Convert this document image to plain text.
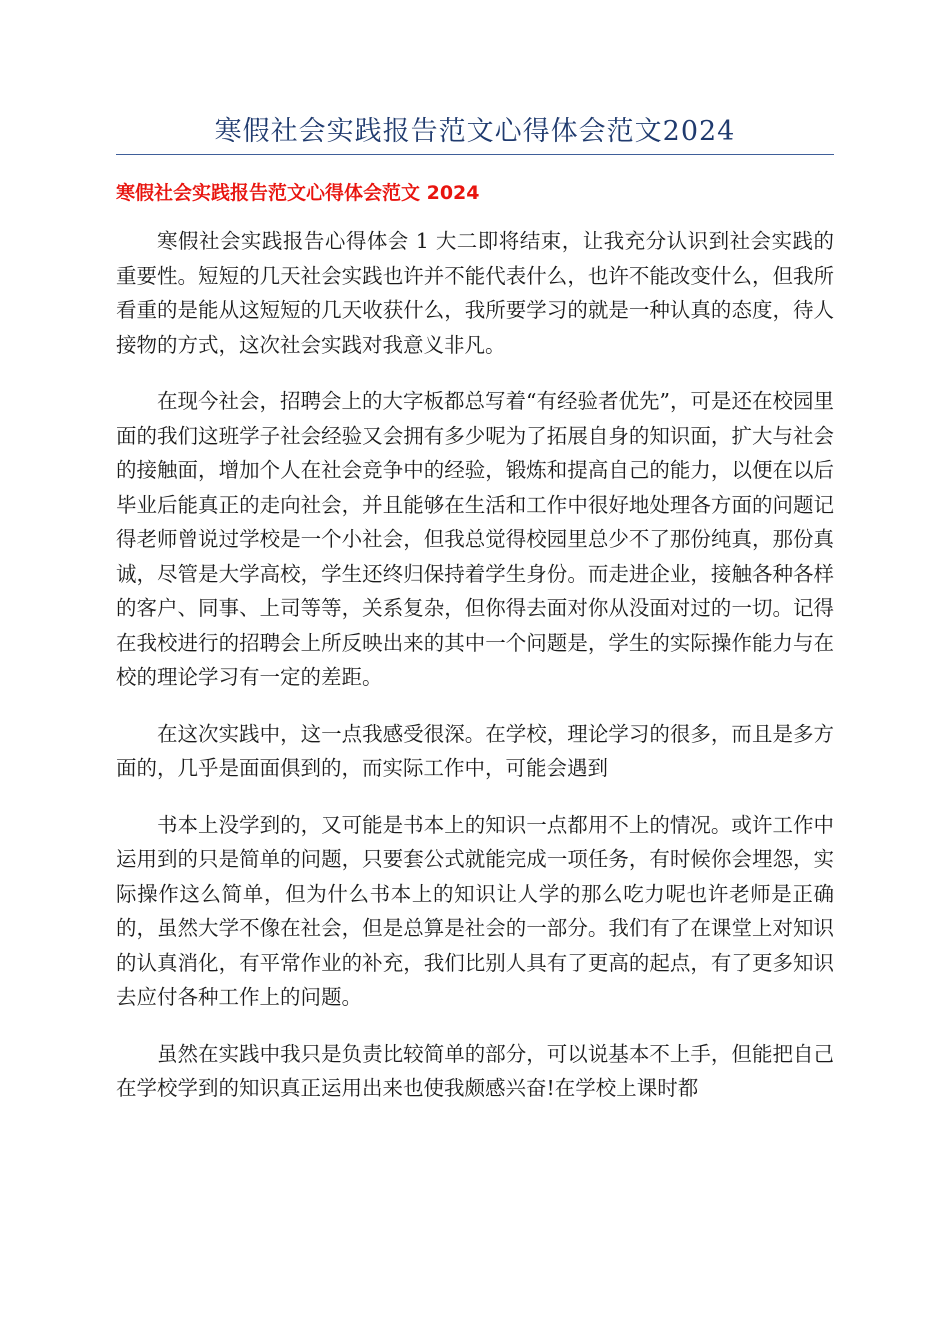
寒假社会实践报告范文心得体会范文2024
寒假社会实践报告范文心得体会范文 2024

寒假社会实践报告心得体会 1 大二即将结束，让我充分认识到社会实践的重要性。短短的几天社会实践也许并不能代表什么，也许不能改变什么，但我所看重的是能从这短短的几天收获什么，我所要学习的就是一种认真的态度，待人接物的方式，这次社会实践对我意义非凡。

在现今社会，招聘会上的大字板都总写着“有经验者优先”，可是还在校园里面的我们这班学子社会经验又会拥有多少呢为了拓展自身的知识面，扩大与社会的接触面，增加个人在社会竞争中的经验，锻炼和提高自己的能力，以便在以后毕业后能真正的走向社会，并且能够在生活和工作中很好地处理各方面的问题记得老师曾说过学校是一个小社会，但我总觉得校园里总少不了那份纯真，那份真诚，尽管是大学高校，学生还终归保持着学生身份。而走进企业，接触各种各样的客户、同事、上司等等，关系复杂，但你得去面对你从没面对过的一切。记得在我校进行的招聘会上所反映出来的其中一个问题是，学生的实际操作能力与在校的理论学习有一定的差距。

在这次实践中，这一点我感受很深。在学校，理论学习的很多，而且是多方面的，几乎是面面俱到的，而实际工作中，可能会遇到

书本上没学到的，又可能是书本上的知识一点都用不上的情况。或许工作中运用到的只是简单的问题，只要套公式就能完成一项任务，有时候你会埋怨，实际操作这么简单，但为什么书本上的知识让人学的那么吃力呢也许老师是正确的，虽然大学不像在社会，但是总算是社会的一部分。我们有了在课堂上对知识的认真消化，有平常作业的补充，我们比别人具有了更高的起点，有了更多知识去应付各种工作上的问题。

虽然在实践中我只是负责比较简单的部分，可以说基本不上手，但能把自己在学校学到的知识真正运用出来也使我颇感兴奋!在学校上课时都
